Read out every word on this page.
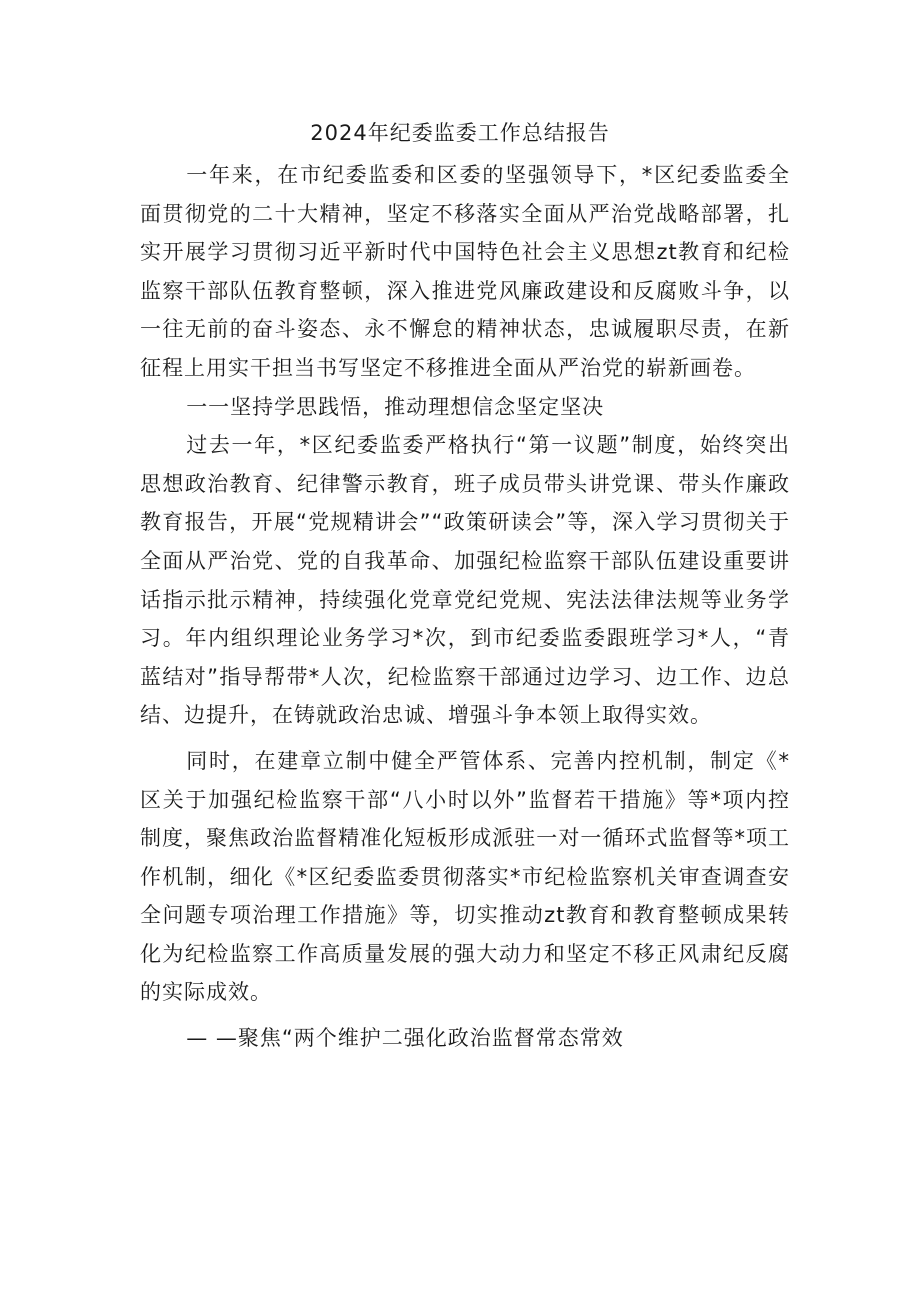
2024年纪委监委工作总结报告

一年来，在市纪委监委和区委的坚强领导下，*区纪委监委全面贯彻党的二十大精神，坚定不移落实全面从严治党战略部署，扎实开展学习贯彻习近平新时代中国特色社会主义思想zt教育和纪检监察干部队伍教育整顿，深入推进党风廉政建设和反腐败斗争，以一往无前的奋斗姿态、永不懈怠的精神状态，忠诚履职尽责，在新征程上用实干担当书写坚定不移推进全面从严治党的崭新画卷。

一一坚持学思践悟，推动理想信念坚定坚决

过去一年，*区纪委监委严格执行“第一议题”制度，始终突出思想政治教育、纪律警示教育，班子成员带头讲党课、带头作廉政教育报告，开展“党规精讲会”“政策研读会”等，深入学习贯彻关于全面从严治党、党的自我革命、加强纪检监察干部队伍建设重要讲话指示批示精神，持续强化党章党纪党规、宪法法律法规等业务学习。年内组织理论业务学习*次，到市纪委监委跟班学习*人，“青蓝结对”指导帮带*人次，纪检监察干部通过边学习、边工作、边总结、边提升，在铸就政治忠诚、增强斗争本领上取得实效。

同时，在建章立制中健全严管体系、完善内控机制，制定《*区关于加强纪检监察干部“八小时以外”监督若干措施》等*项内控制度，聚焦政治监督精准化短板形成派驻一对一循环式监督等*项工作机制，细化《*区纪委监委贯彻落实*市纪检监察机关审查调查安全问题专项治理工作措施》等，切实推动zt教育和教育整顿成果转化为纪检监察工作高质量发展的强大动力和坚定不移正风肃纪反腐的实际成效。

— —聚焦“两个维护二强化政治监督常态常效
